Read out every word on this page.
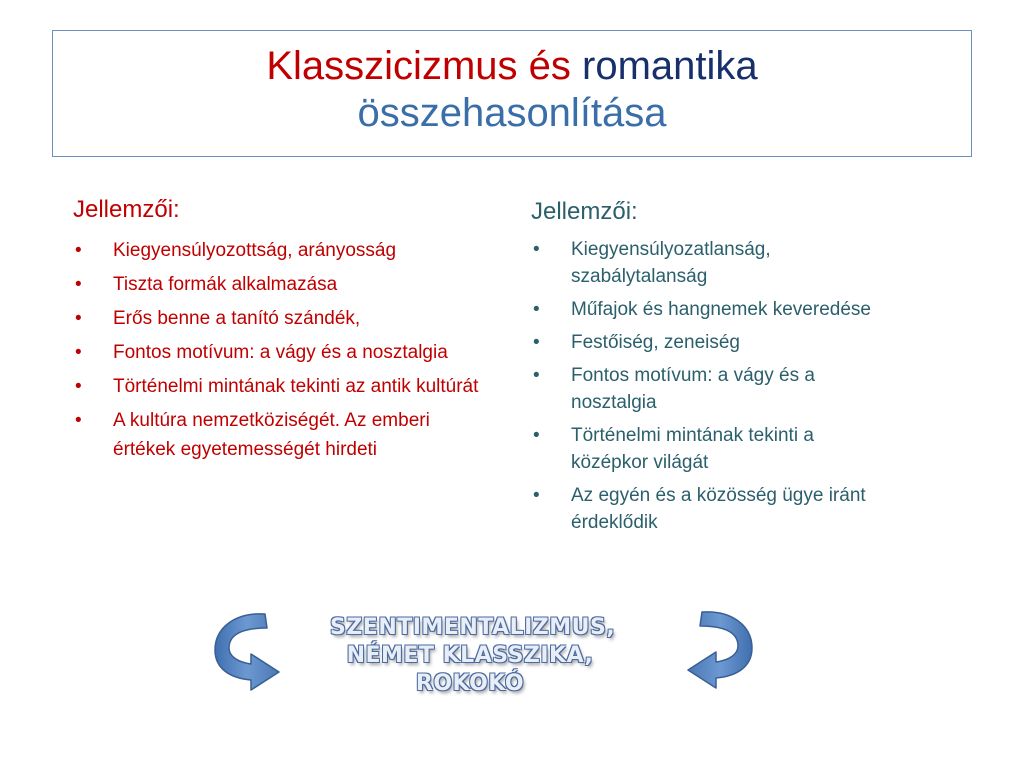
Klasszicizmus és romantika
összehasonlítása
Jellemzői:
• Kiegyensúlyozottság, arányosság
• Tiszta formák alkalmazása
• Erős benne a tanító szándék,
• Fontos motívum: a vágy és a nosztalgia
• Történelmi mintának tekinti az antik kultúrát
• A kultúra nemzetköziségét. Az emberi értékek egyetemességét hirdeti
Jellemzői:
• Kiegyensúlyozatlanság, szabálytalanság
• Műfajok és hangnemek keveredése
• Festőiség, zeneiség
• Fontos motívum: a vágy és a nosztalgia
• Történelmi mintának tekinti a középkor világát
• Az egyén és a közösség ügye iránt érdeklődik
SZENTIMENTALIZMUS,
NÉMET KLASSZIKA,
ROKOKÓ
